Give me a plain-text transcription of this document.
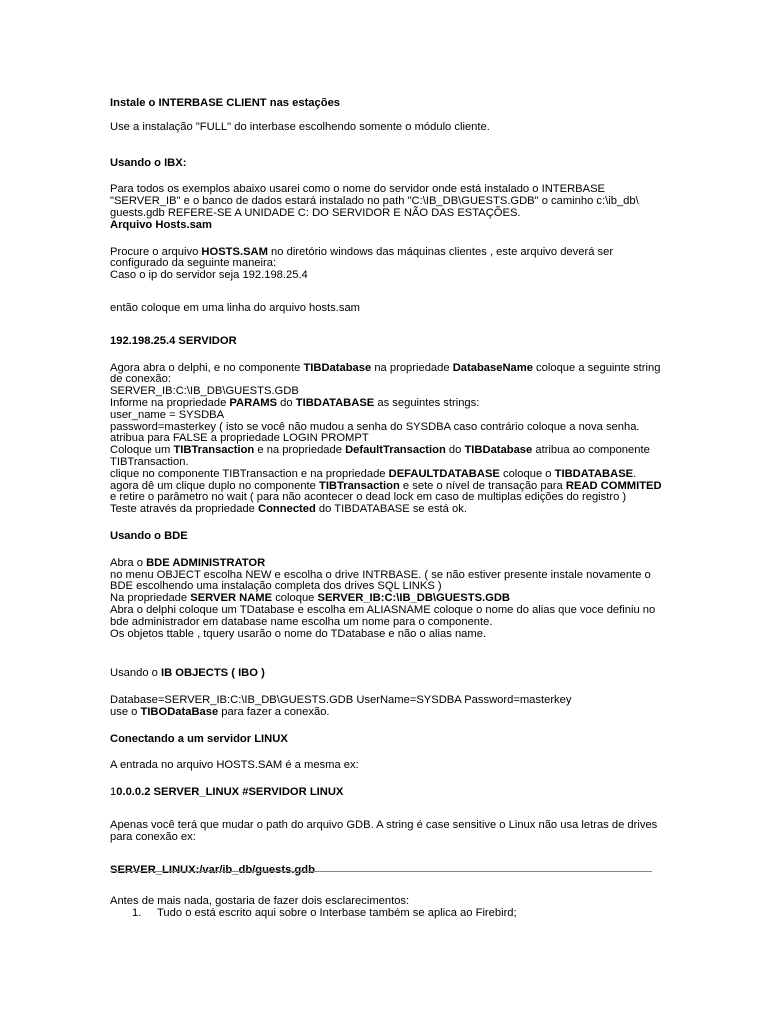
Instale o INTERBASE CLIENT nas estações

Use a instalação "FULL" do interbase escolhendo somente o módulo cliente.

Usando o IBX:

Para todos os exemplos abaixo usarei como o nome do servidor onde está instalado o INTERBASE
"SERVER_IB" e o banco de dados estará instalado no path "C:\IB_DB\GUESTS.GDB" o caminho c:\ib_db\
guests.gdb REFERE-SE A UNIDADE C: DO SERVIDOR E NÃO DAS ESTAÇÕES.
Arquivo Hosts.sam
Procure o arquivo HOSTS.SAM no diretório windows das máquinas clientes , este arquivo deverá ser
configurado da seguinte maneira:
Caso o ip do servidor seja 192.198.25.4

então coloque em uma linha do arquivo hosts.sam

192.198.25.4 SERVIDOR

Agora abra o delphi, e no componente TIBDatabase na propriedade DatabaseName coloque a seguinte string
de conexão:
SERVER_IB:C:\IB_DB\GUESTS.GDB
Informe na propriedade PARAMS do TIBDATABASE as seguintes strings:
user_name = SYSDBA
password=masterkey ( isto se você não mudou a senha do SYSDBA caso contrário coloque a nova senha.
atribua para FALSE a propriedade LOGIN PROMPT
Coloque um TIBTransaction e na propriedade DefaultTransaction do TIBDatabase atribua ao componente
TIBTransaction.
clique no componente TIBTransaction e na propriedade DEFAULTDATABASE coloque o TIBDATABASE.
agora dê um clique duplo no componente TIBTransaction e sete o nível de transação para READ COMMITED
e retire o parâmetro no wait ( para não acontecer o dead lock em caso de multiplas edições do registro )
Teste através da propriedade Connected do TIBDATABASE se está ok.

Usando o BDE

Abra o BDE ADMINISTRATOR
no menu OBJECT escolha NEW e escolha o drive INTRBASE. ( se não estiver presente instale novamente o
BDE escolhendo uma instalação completa dos drives SQL LINKS )
Na propriedade SERVER NAME coloque SERVER_IB:C:\IB_DB\GUESTS.GDB
Abra o delphi coloque um TDatabase e escolha em ALIASNAME coloque o nome do alias que voce definiu no
bde administrador em database name escolha um nome para o componente.
Os objetos ttable , tquery usarão o nome do TDatabase e não o alias name.

Usando o IB OBJECTS ( IBO )

Database=SERVER_IB:C:\IB_DB\GUESTS.GDB UserName=SYSDBA Password=masterkey
use o TIBODataBase para fazer a conexão.

Conectando a um servidor LINUX

A entrada no arquivo HOSTS.SAM é a mesma ex:

10.0.0.2 SERVER_LINUX #SERVIDOR LINUX

Apenas você terá que mudar o path do arquivo GDB. A string é case sensitive o Linux não usa letras de drives
para conexão ex:

SERVER_LINUX:/var/ib_db/guests.gdb

Antes de mais nada, gostaria de fazer dois esclarecimentos:
1. Tudo o está escrito aqui sobre o Interbase também se aplica ao Firebird;
